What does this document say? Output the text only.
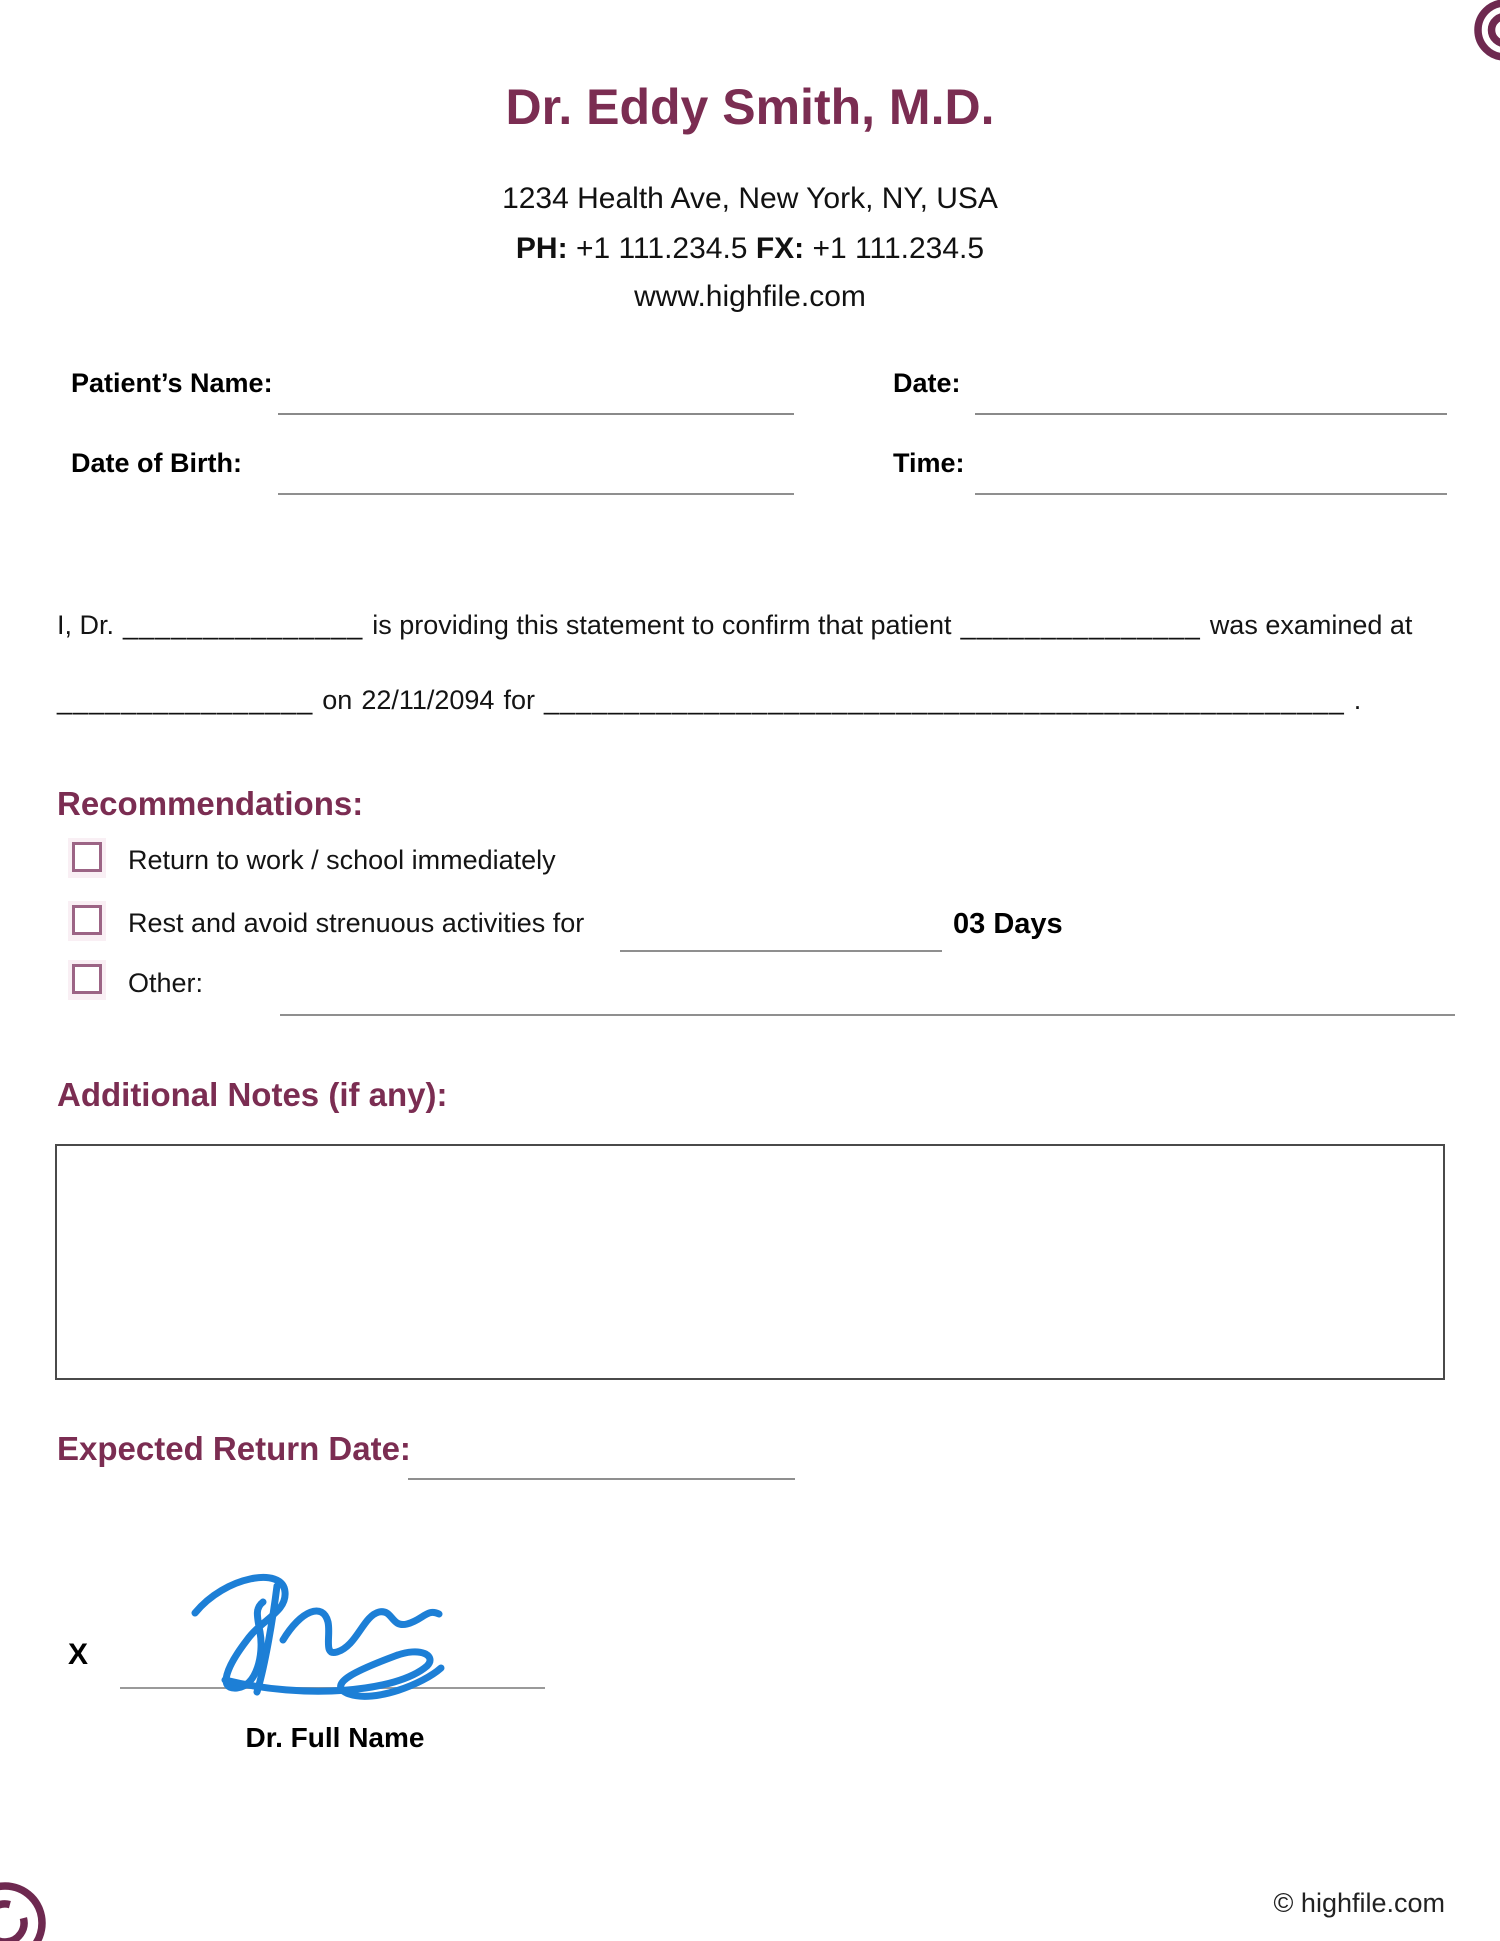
Dr. Eddy Smith, M.D.
1234 Health Ave, New York, NY, USA
PH: +1 111.234.5 FX: +1 111.234.5
www.highfile.com
Patient’s Name:	Date:
Date of Birth:	Time:
I, Dr. _______________ is providing this statement to confirm that patient _______________ was examined at
________________ on 22/11/2094 for __________________________________________________ .
Recommendations:
Return to work / school immediately
Rest and avoid strenuous activities for	03 Days
Other:
Additional Notes (if any):
Expected Return Date:
X
Dr. Full Name
© highfile.com
